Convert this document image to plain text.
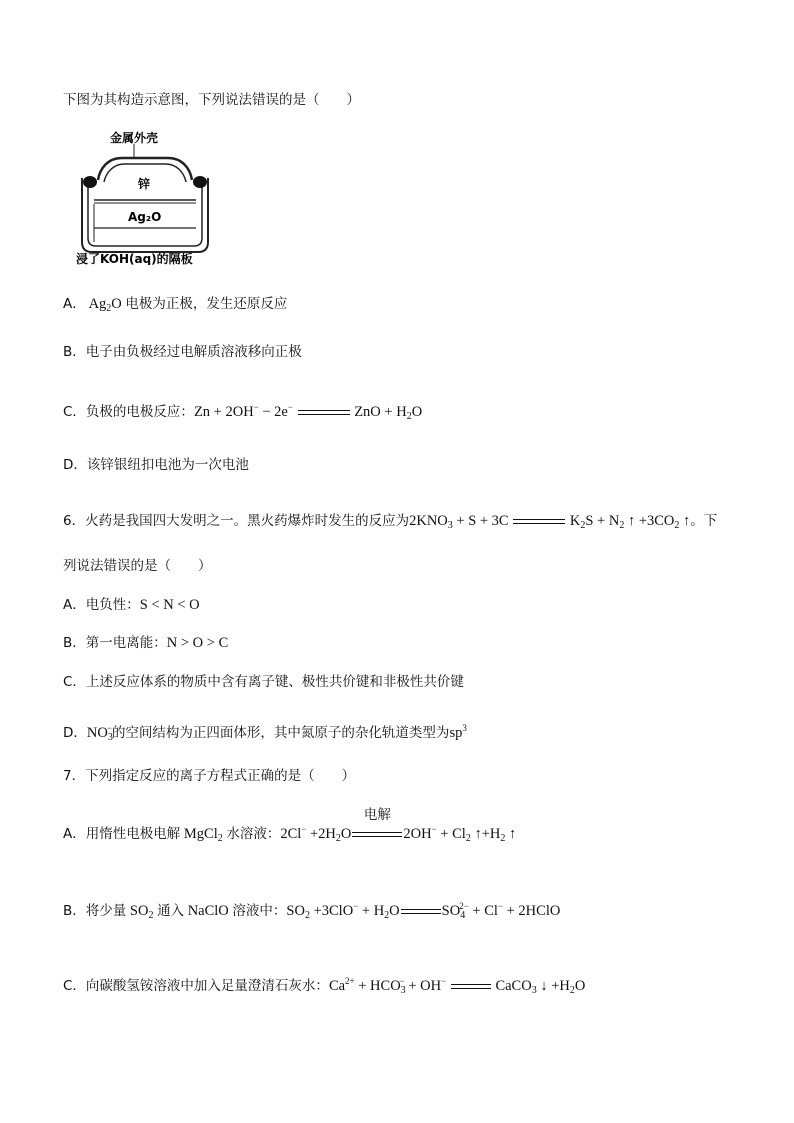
下图为其构造示意图，下列说法错误的是（　　）
金属外壳
锌
Ag₂O
浸了KOH(aq)的隔板
A． $Ag_2O$ 电极为正极，发生还原反应
B．电子由负极经过电解质溶液移向正极
C．负极的电极反应：Zn + 2OH− − 2e−	ZnO + $H_2O$
D．该锌银纽扣电池为一次电池
6．火药是我国四大发明之一。黑火药爆炸时发生的反应为$2KNO_3 + S + 3C$	$K_2S + N_2$ ↑ $+3CO_2$ ↑。下
列说法错误的是（　　）
A．电负性：S < N < O
B．第一电离能：N > O > C
C．上述反应体系的物质中含有离子键、极性共价键和非极性共价键
D．$NO_3^-$的空间结构为正四面体形，其中氮原子的杂化轨道类型为$sp^3$
7．下列指定反应的离子方程式正确的是（　　）
A．用惰性电极电解 MgCl$_2$ 水溶液：$2Cl^- +2H_2O$
电解
$2OH^- + Cl_2$ $↑+H_2$ ↑
B．将少量 $SO_2$ 通入 NaClO 溶液中：$SO_2 +3ClO^- + H_2O$	$SO_4^{2-} + Cl^-$ + 2HClO
C．向碳酸氢铵溶液中加入足量澄清石灰水：$Ca^{2+} + HCO_3^- + OH^-$	CaCO$_3$ ↓ $+H_2O$
